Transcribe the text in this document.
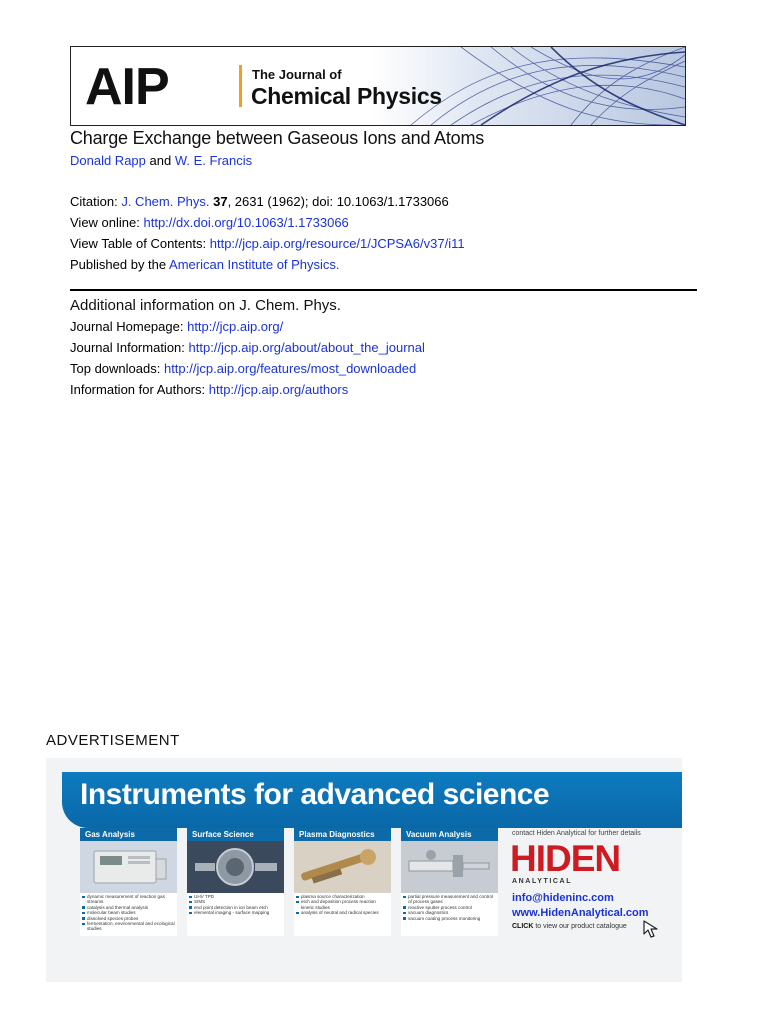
AIP	The Journal of
Chemical Physics
Charge Exchange between Gaseous Ions and Atoms
Donald Rapp and W. E. Francis
Citation: J. Chem. Phys. 37, 2631 (1962); doi: 10.1063/1.1733066
View online: http://dx.doi.org/10.1063/1.1733066
View Table of Contents: http://jcp.aip.org/resource/1/JCPSA6/v37/i11
Published by the American Institute of Physics.
Additional information on J. Chem. Phys.
Journal Homepage: http://jcp.aip.org/
Journal Information: http://jcp.aip.org/about/about_the_journal
Top downloads: http://jcp.aip.org/features/most_downloaded
Information for Authors: http://jcp.aip.org/authors
ADVERTISEMENT
Instruments for advanced science
Gas Analysis
dynamic measurement of reaction gas streams
catalysis and thermal analysis
molecular beam studies
dissolved species probes
fermentation, environmental and ecological studies
Surface Science
UHV TPD
SIMS
end point detection in ion beam etch
elemental imaging - surface mapping
Plasma Diagnostics
plasma source characterization
etch and deposition process reaction kinetic studies
analysis of neutral and radical species
Vacuum Analysis
partial pressure measurement and control of process gases
reactive sputter process control
vacuum diagnostics
vacuum coating process monitoring
contact Hiden Analytical for further details
HIDEN
ANALYTICAL
info@hideninc.com
www.HidenAnalytical.com
CLICK to view our product catalogue
